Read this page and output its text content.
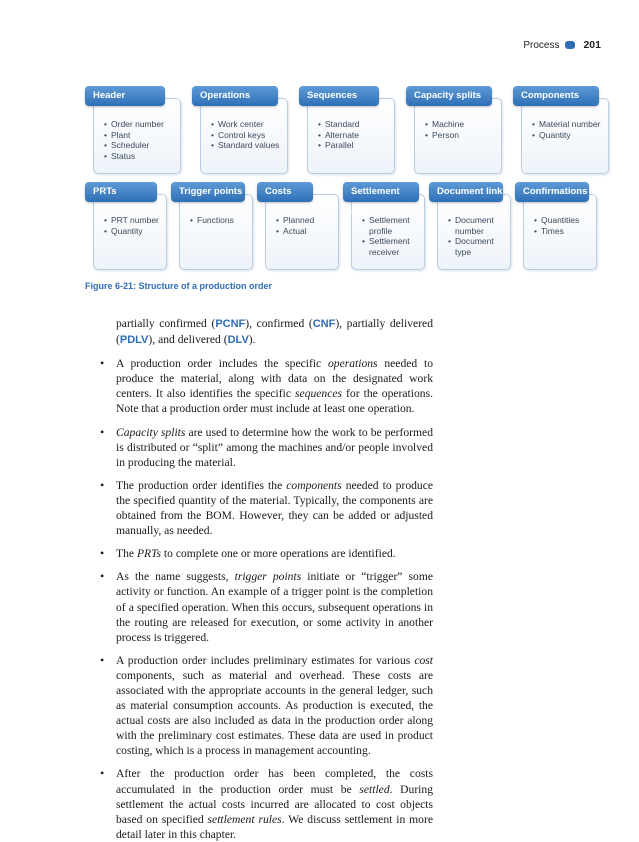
Process 201
• Order number
• Plant
• Scheduler
• Status
Header
• Work center
• Control keys
• Standard values
Operations
• Standard
• Alternate
• Parallel
Sequences
• Machine
• Person
Capacity splits
• Material number
• Quantity
Components
• PRT number
• Quantity
PRTs
• Functions
Trigger points
• Planned
• Actual
Costs
• Settlement profile
• Settlement receiver
Settlement rule
• Document number
• Document type
Document link
• Quantities
• Times
Confirmations
Figure 6-21: Structure of a production order

partially confirmed (PCNF), confirmed (CNF), partially delivered (PDLV), and delivered (DLV).

• A production order includes the specific operations needed to produce the material, along with data on the designated work centers. It also identifies the specific sequences for the operations. Note that a production order must include at least one operation.
• Capacity splits are used to determine how the work to be performed is distributed or “split” among the machines and/or people involved in producing the material.
• The production order identifies the components needed to produce the specified quantity of the material. Typically, the components are obtained from the BOM. However, they can be added or adjusted manually, as needed.
• The PRTs to complete one or more operations are identified.
• As the name suggests, trigger points initiate or “trigger” some activity or function. An example of a trigger point is the completion of a specified operation. When this occurs, subsequent operations in the routing are released for execution, or some activity in another process is triggered.
• A production order includes preliminary estimates for various cost components, such as material and overhead. These costs are associated with the appropriate accounts in the general ledger, such as material consumption accounts. As production is executed, the actual costs are also included as data in the production order along with the preliminary cost estimates. These data are used in product costing, which is a process in management accounting.
• After the production order has been completed, the costs accumulated in the production order must be settled. During settlement the actual costs incurred are allocated to cost objects based on specified settlement rules. We discuss settlement in more detail later in this chapter.
